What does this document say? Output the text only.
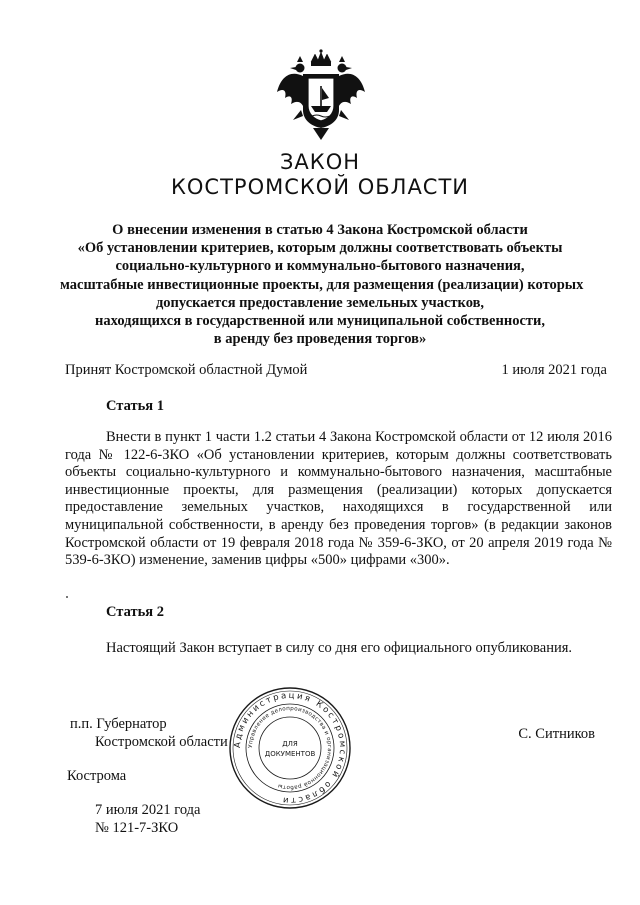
ЗАКОН
КОСТРОМСКОЙ ОБЛАСТИ
О внесении изменения в статью 4 Закона Костромской области
«Об установлении критериев, которым должны соответствовать объекты
социально-культурного и коммунально-бытового назначения,
масштабные инвестиционные проекты, для размещения (реализации) которых
допускается предоставление земельных участков,
находящихся в государственной или муниципальной собственности,
в аренду без проведения торгов»
Принят Костромской областной Думой	1 июля 2021 года
Статья 1
Внести в пункт 1 части 1.2 статьи 4 Закона Костромской области от 12 июля 2016 года № 122-6-ЗКО «Об установлении критериев, которым должны соответствовать объекты социально-культурного и коммунально-бытового назначения, масштабные инвестиционные проекты, для размещения (реализации) которых допускается предоставление земельных участков, находящихся в государственной или муниципальной собственности, в аренду без проведения торгов» (в редакции законов Костромской области от 19 февраля 2018 года № 359-6-ЗКО, от 20 апреля 2019 года № 539-6-ЗКО) изменение, заменив цифры «500» цифрами «300».
Статья 2
Настоящий Закон вступает в силу со дня его официального опубликования.
п.п. Губернатор
Костромской области	С. Ситников
Администрация Костромской области
Управление делопроизводства и организационной работы
ДЛЯ
ДОКУМЕНТОВ
Кострома
7 июля 2021 года
№ 121-7-ЗКО
